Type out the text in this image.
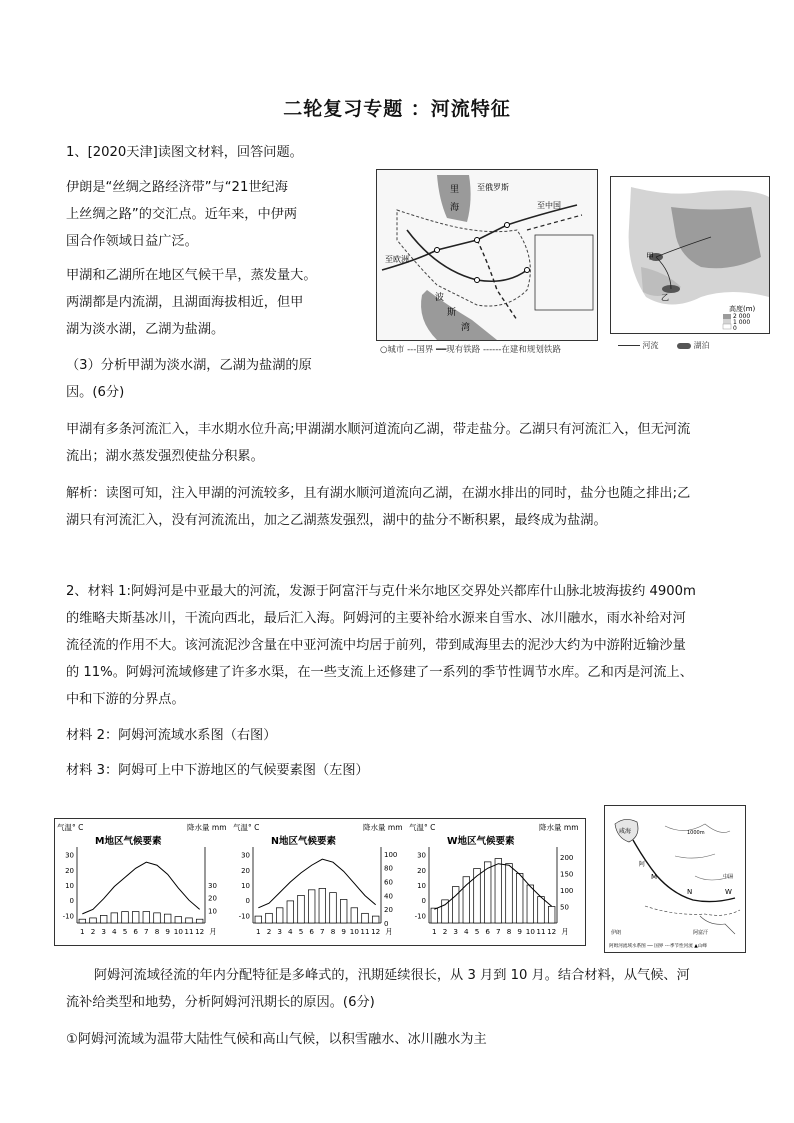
二轮复习专题 ：河流特征
1、[2020天津]读图文材料，回答问题。
伊朗是“丝绸之路经济带”与“21世纪海
上丝绸之路”的交汇点。近年来，中伊两
国合作领域日益广泛。
甲湖和乙湖所在地区气候干旱，蒸发量大。
两湖都是内流湖，且湖面海拔相近，但甲
湖为淡水湖，乙湖为盐湖。
（3）分析甲湖为淡水湖，乙湖为盐湖的原
因。(6分)
里
海
至俄罗斯
至中国
至欧洲
波
斯
湾
○城市 ---国界 ━━现有铁路 ------在建和规划铁路
甲
乙
高度(m)
2 000
1 000
0
河流	湖泊
甲湖有多条河流汇入，丰水期水位升高;甲湖湖水顺河道流向乙湖，带走盐分。乙湖只有河流汇入，但无河流
流出；湖水蒸发强烈使盐分积累。
解析：读图可知，注入甲湖的河流较多，且有湖水顺河道流向乙湖，在湖水排出的同时，盐分也随之排出;乙
湖只有河流汇入，没有河流流出，加之乙湖蒸发强烈，湖中的盐分不断积累，最终成为盐湖。
2、材料 1:阿姆河是中亚最大的河流，发源于阿富汗与克什米尔地区交界处兴都库什山脉北坡海拔约 4900m
的维略夫斯基冰川，干流向西北，最后汇入海。阿姆河的主要补给水源来自雪水、冰川融水，雨水补给对河
流径流的作用不大。该河流泥沙含量在中亚河流中均居于前列，带到咸海里去的泥沙大约为中游附近输沙量
的 11%。阿姆河流域修建了许多水渠，在一些支流上还修建了一系列的季节性调节水库。乙和丙是河流上、
中和下游的分界点。
材料 2：阿姆河流域水系图（右图）
材料 3：阿姆可上中下游地区的气候要素图（左图）
气温° C	降水量 mm
M地区气候要素
30
20
10
0
-10
30
20
10
1 2 3 4 5 6 7 8 9 10 11 12 月
气温° C	降水量 mm
N地区气候要素
30
20
10
0
-10
100
80
60
40
20
0
1 2 3 4 5 6 7 8 9 10 11 12 月
气温° C	降水量 mm
W地区气候要素
30
20
10
0
-10
200
150
100
50
1 2 3 4 5 6 7 8 9 10 11 12 月
咸海	1000m
阿
M
N	W
中国
伊朗	阿富汗
阿姆河流域水系图 ── 国界 ---季节性河流 ▲山峰
阿姆河流域径流的年内分配特征是多峰式的，汛期延续很长，从 3 月到 10 月。结合材料，从气候、河
流补给类型和地势，分析阿姆河汛期长的原因。(6分)
①阿姆河流域为温带大陆性气候和高山气候，以积雪融水、冰川融水为主
